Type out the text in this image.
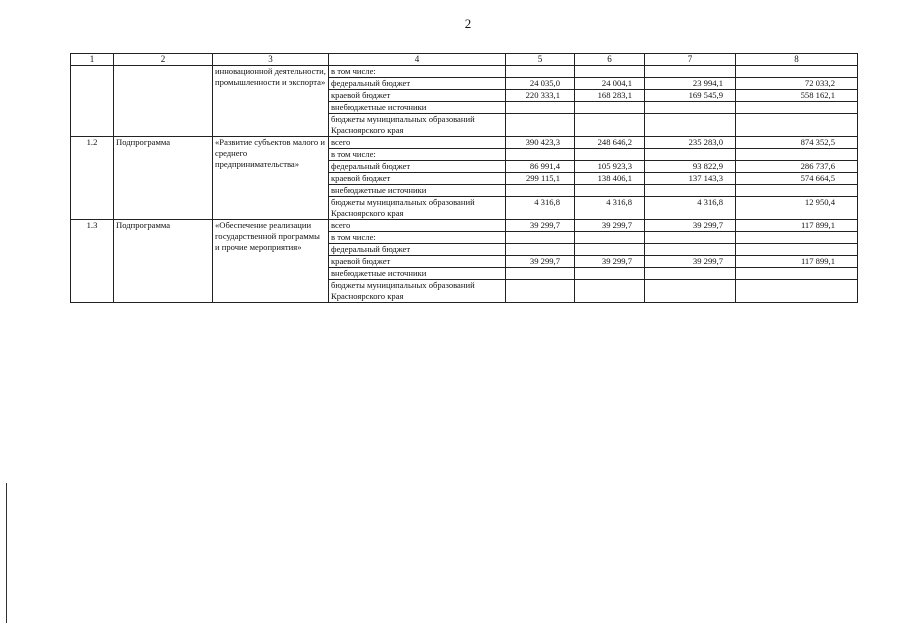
2
1	2	3	4	5	6	7	8
		инновационной деятельности, промышленности и экспорта»	в том числе:				
			федеральный бюджет	24 035,0	24 004,1	23 994,1	72 033,2
			краевой бюджет	220 333,1	168 283,1	169 545,9	558 162,1
			внебюджетные источники				
			бюджеты муниципальных образований Красноярского края				
1.2	Подпрограмма	«Развитие субъектов малого и среднего предпринимательства»	всего	390 423,3	248 646,2	235 283,0	874 352,5
			в том числе:				
			федеральный бюджет	86 991,4	105 923,3	93 822,9	286 737,6
			краевой бюджет	299 115,1	138 406,1	137 143,3	574 664,5
			внебюджетные источники				
			бюджеты муниципальных образований Красноярского края	4 316,8	4 316,8	4 316,8	12 950,4
1.3	Подпрограмма	«Обеспечение реализации государственной программы и прочие мероприятия»	всего	39 299,7	39 299,7	39 299,7	117 899,1
			в том числе:				
			федеральный бюджет				
			краевой бюджет	39 299,7	39 299,7	39 299,7	117 899,1
			внебюджетные источники				
			бюджеты муниципальных образований Красноярского края				
